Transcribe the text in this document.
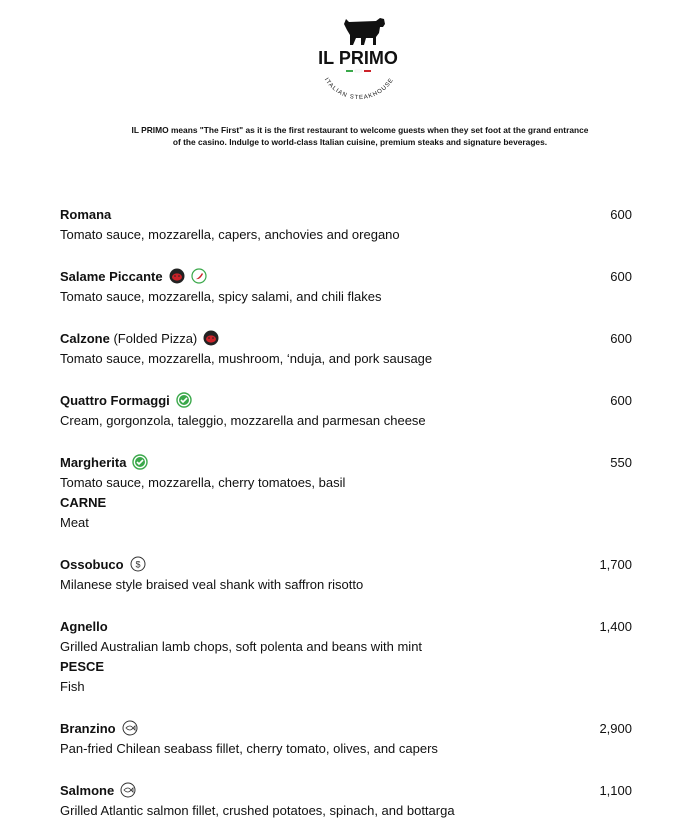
IL PRIMO
ITALIAN STEAKHOUSE
IL PRIMO means "The First" as it is the first restaurant to welcome guests when they set foot at the grand entrance
of the casino. Indulge to world-class Italian cuisine, premium steaks and signature beverages.
Romana	600
Tomato sauce, mozzarella, capers, anchovies and oregano
Salame Piccante	600
Tomato sauce, mozzarella, spicy salami, and chili flakes
Calzone (Folded Pizza)	600
Tomato sauce, mozzarella, mushroom, ‘nduja, and pork sausage
Quattro Formaggi	600
Cream, gorgonzola, taleggio, mozzarella and parmesan cheese
Margherita	550
Tomato sauce, mozzarella, cherry tomatoes, basil
CARNE
Meat
Ossobuco $	1,700
Milanese style braised veal shank with saffron risotto
Agnello	1,400
Grilled Australian lamb chops, soft polenta and beans with mint
PESCE
Fish
Branzino	2,900
Pan-fried Chilean seabass fillet, cherry tomato, olives, and capers
Salmone	1,100
Grilled Atlantic salmon fillet, crushed potatoes, spinach, and bottarga
